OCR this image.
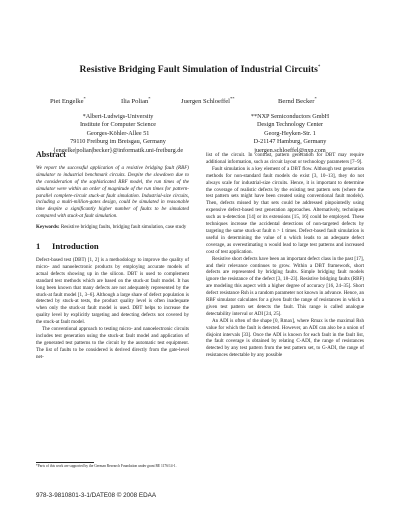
Resistive Bridging Fault Simulation of Industrial Circuits*
Piet Engelke*	Ilia Polian*	Juergen Schloeffel**	Bernd Becker*
*Albert-Ludwigs-University
Institute for Computer Science
Georges-Köhler-Allee 51
79110 Freiburg im Breisgau, Germany
{engelke|polian|becker}@informatik.uni-freiburg.de
**NXP Semiconductors GmbH
Design Technology Center
Georg-Heyken-Str. 1
D-21147 Hamburg, Germany
juergen.schloeffel@nxp.com
Abstract

We report the successful application of a resistive bridging fault (RBF) simulator to industrial benchmark circuits. Despite the slowdown due to the consideration of the sophisticated RBF model, the run times of the simulator were within an order of magnitude of the run times for pattern-parallel complete-circuit stuck-at fault simulation. Industrial-size circuits, including a multi-million-gates design, could be simulated in reasonable time despite a significantly higher number of faults to be simulated compared with stuck-at fault simulation.

Keywords: Resistive bridging faults, bridging fault simulation, case study

1 Introduction

Defect-based test (DBT) [1, 2] is a methodology to improve the quality of micro- and nanoelectronic products by employing accurate models of actual defects showing up in the silicon. DBT is used to complement standard test methods which are based on the stuck-at fault model. It has long been known that many defects are not adequately represented by the stuck-at fault model [1, 3–6]. Although a large share of defect population is detected by stuck-at tests, the product quality level is often inadequate when only the stuck-at fault model is used. DBT helps to increase the quality level by explicitly targeting and detecting defects not covered by the stuck-at fault model.

The conventional approach to testing micro- and nanoelectronic circuits includes test generation using the stuck-at fault model and application of the generated test patterns to the circuit by the automatic test equipment. The list of faults to be considered is derived directly from the gate-level net-

*Parts of this work are supported by the German Research Foundation under grant BE 1176/14-1.

list of the circuit. In contrast, pattern generation for DBT may require additional information, such as circuit layout or technology parameters [7–9].

Fault simulation is a key element of a DBT flow. Although test generation methods for non-standard fault models do exist [3, 10–13], they do not always scale for industrial-size circuits. Hence, it is important to determine the coverage of realistic defects by the existing test pattern sets (where the test pattern sets might have been created using conventional fault models). Then, defects missed by that sets could be addressed pinpointedly using expensive defect-based test generation approaches. Alternatively, techniques such as n-detection [14] or its extensions [15, 16] could be employed. These techniques increase the accidental detections of non-targeted defects by targeting the same stuck-at fault n > 1 times. Defect-based fault simulation is useful in determining the value of n which leads to an adequate defect coverage, as overestimating n would lead to large test patterns and increased cost of test application.

Resistive short defects have been an important defect class in the past [17], and their relevance continues to grow. Within a DBT framework, short defects are represented by bridging faults. Simple bridging fault models ignore the resistance of the defect [3, 18–23]. Resistive bridging faults (RBF) are modeling this aspect with a higher degree of accuracy [16, 24–35]. Short defect resistance Rsh is a random parameter not known in advance. Hence, an RBF simulator calculates for a given fault the range of resistances in which a given test pattern set detects the fault. This range is called analogue detectability interval or ADI [24, 25].

An ADI is often of the shape [0, Rmax], where Rmax is the maximal Rsh value for which the fault is detected. However, an ADI can also be a union of disjoint intervals [33]. Once the ADI is known for each fault in the fault list, the fault coverage is obtained by relating C-ADI, the range of resistances detected by any test pattern from the test pattern set, to G-ADI, the range of resistances detectable by any possible

978-3-9810801-3-1/DATE08 © 2008 EDAA
